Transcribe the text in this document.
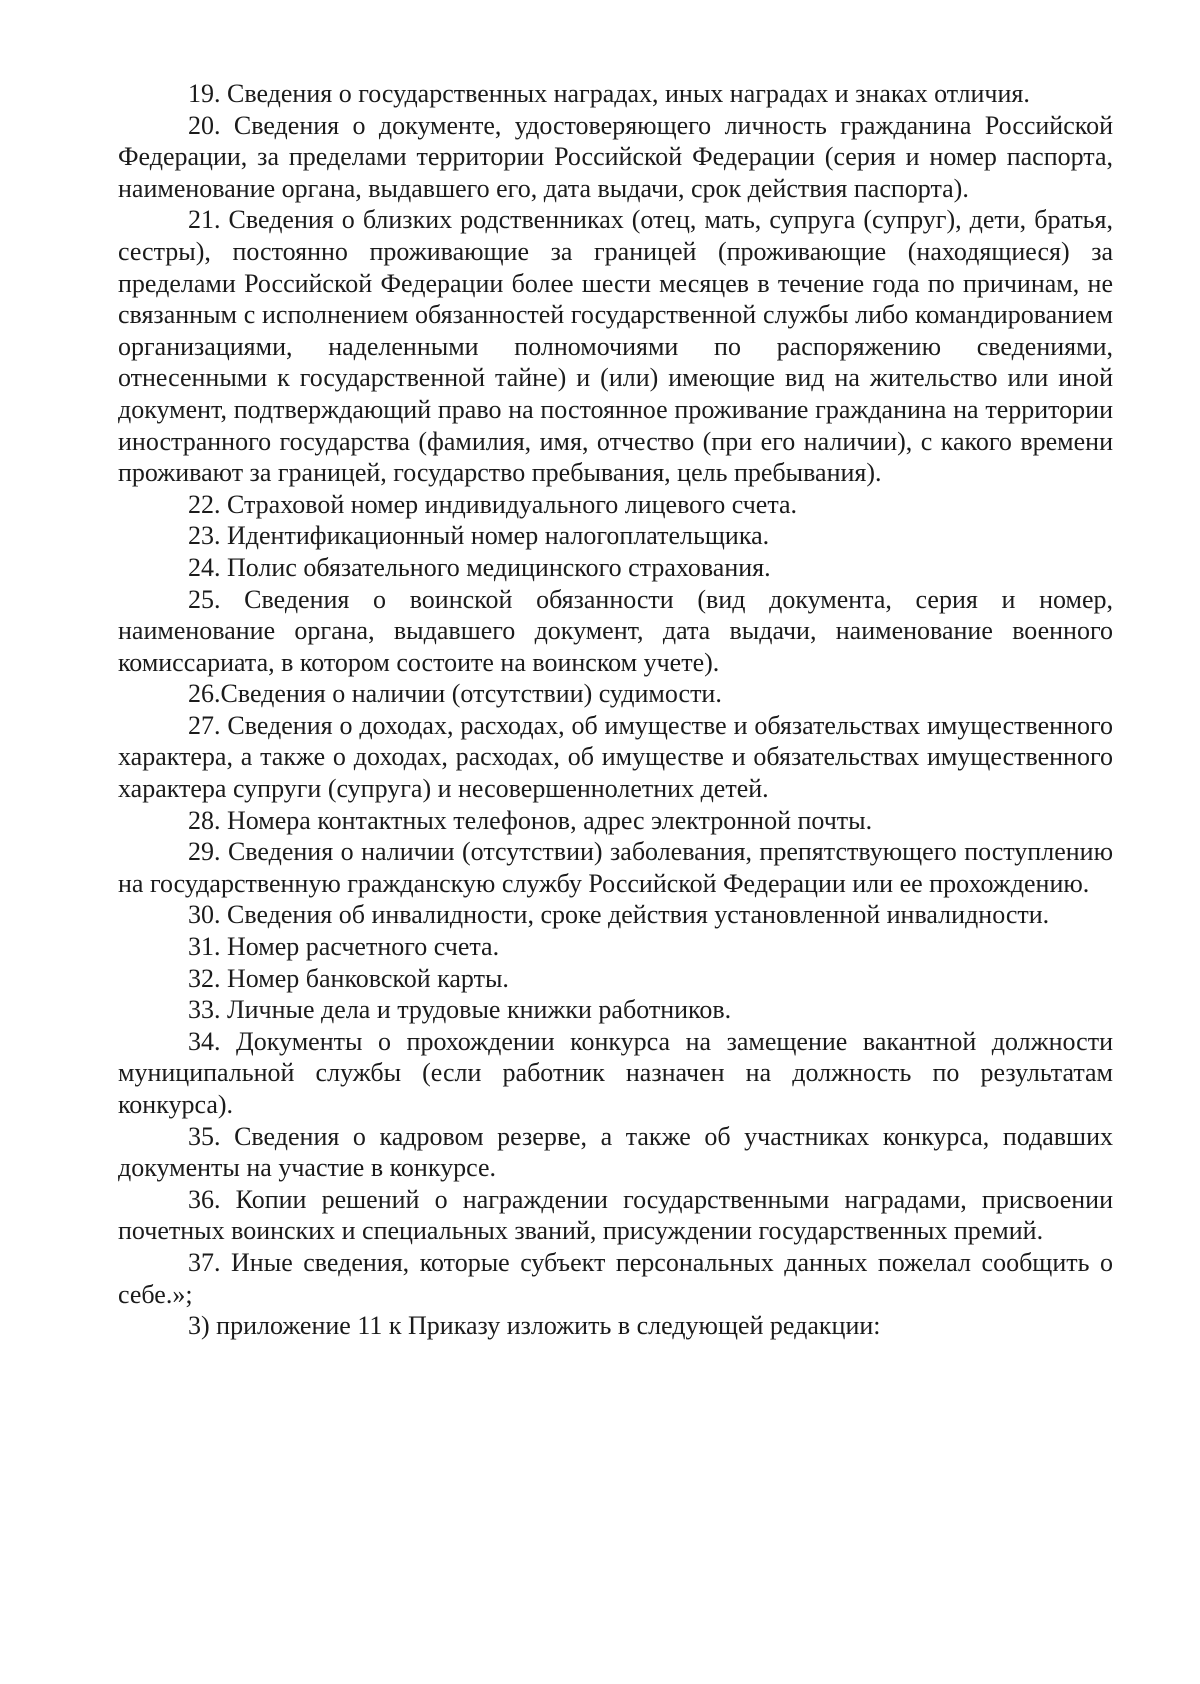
19. Сведения о государственных наградах, иных наградах и знаках отличия.

20. Сведения о документе, удостоверяющего личность гражданина Российской Федерации, за пределами территории Российской Федерации (серия и номер паспорта, наименование органа, выдавшего его, дата выдачи, срок действия паспорта).

21. Сведения о близких родственниках (отец, мать, супруга (супруг), дети, братья, сестры), постоянно проживающие за границей (проживающие (находящиеся) за пределами Российской Федерации более шести месяцев в течение года по причинам, не связанным с исполнением обязанностей государственной службы либо командированием организациями, наделенными полномочиями по распоряжению сведениями, отнесенными к государственной тайне) и (или) имеющие вид на жительство или иной документ, подтверждающий право на постоянное проживание гражданина на территории иностранного государства (фамилия, имя, отчество (при его наличии), с какого времени проживают за границей, государство пребывания, цель пребывания).

22. Страховой номер индивидуального лицевого счета.

23. Идентификационный номер налогоплательщика.

24. Полис обязательного медицинского страхования.

25. Сведения о воинской обязанности (вид документа, серия и номер, наименование органа, выдавшего документ, дата выдачи, наименование военного комиссариата, в котором состоите на воинском учете).

26.Сведения о наличии (отсутствии) судимости.

27. Сведения о доходах, расходах, об имуществе и обязательствах имущественного характера, а также о доходах, расходах, об имуществе и обязательствах имущественного характера супруги (супруга) и несовершеннолетних детей.

28. Номера контактных телефонов, адрес электронной почты.

29. Сведения о наличии (отсутствии) заболевания, препятствующего поступлению на государственную гражданскую службу Российской Федерации или ее прохождению.

30. Сведения об инвалидности, сроке действия установленной инвалидности.

31. Номер расчетного счета.

32. Номер банковской карты.

33. Личные дела и трудовые книжки работников.

34. Документы о прохождении конкурса на замещение вакантной должности муниципальной службы (если работник назначен на должность по результатам конкурса).

35. Сведения о кадровом резерве, а также об участниках конкурса, подавших документы на участие в конкурсе.

36. Копии решений о награждении государственными наградами, присвоении почетных воинских и специальных званий, присуждении государственных премий.

37. Иные сведения, которые субъект персональных данных пожелал сообщить о себе.»;

3) приложение 11 к Приказу изложить в следующей редакции:
